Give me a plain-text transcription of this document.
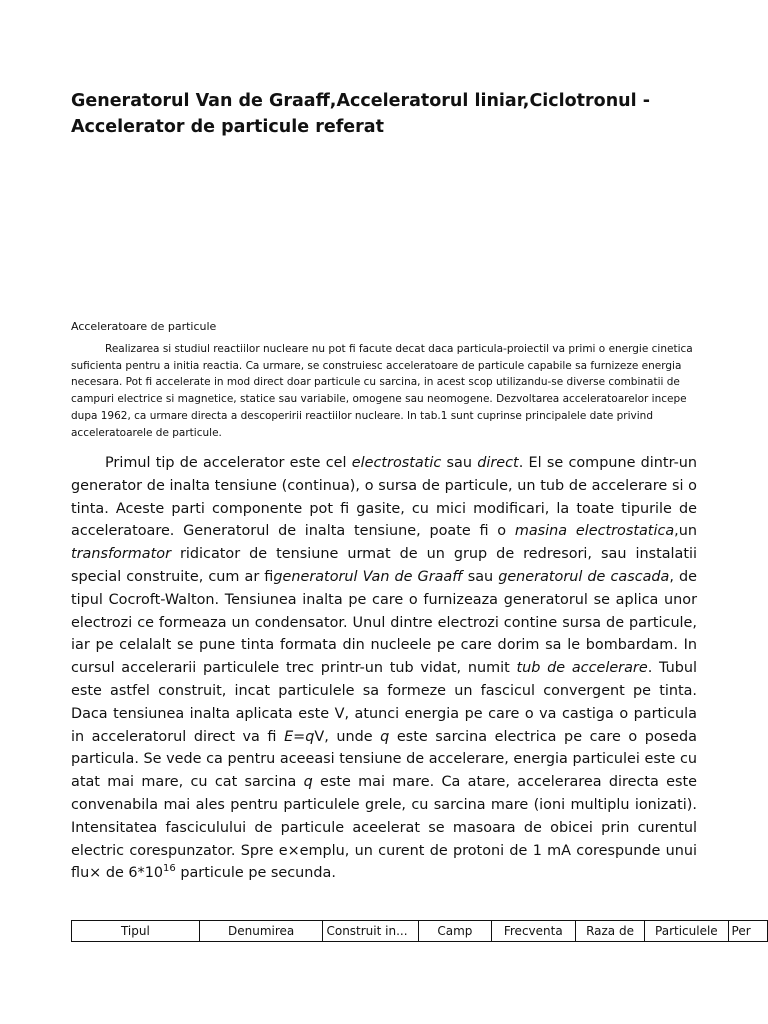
Generatorul Van de Graaff,Acceleratorul liniar,Ciclotronul - Accelerator de particule referat
Acceleratoare de particule

Realizarea si studiul reactiilor nucleare nu pot fi facute decat daca particula-proiectil va primi o energie cinetica suficienta pentru a initia reactia. Ca urmare, se construiesc acceleratoare de particule capabile sa furnizeze energia necesara. Pot fi accelerate in mod direct doar particule cu sarcina, in acest scop utilizandu-se diverse combinatii de campuri electrice si magnetice, statice sau variabile, omogene sau neomogene. Dezvoltarea acceleratoarelor incepe dupa 1962, ca urmare directa a descoperirii reactiilor nucleare. In tab.1 sunt cuprinse principalele date privind acceleratoarele de particule.

Primul tip de accelerator este cel electrostatic sau direct. El se compune dintr-un generator de inalta tensiune (continua), o sursa de particule, un tub de accelerare si o tinta. Aceste parti componente pot fi gasite, cu mici modificari, la toate tipurile de acceleratoare. Generatorul de inalta tensiune, poate fi o masina electrostatica,un transformator ridicator de tensiune urmat de un grup de redresori, sau instalatii special construite, cum ar figeneratorul Van de Graaff sau generatorul de cascada, de tipul Cocroft-Walton. Tensiunea inalta pe care o furnizeaza generatorul se aplica unor electrozi ce formeaza un condensator. Unul dintre electrozi contine sursa de particule, iar pe celalalt se pune tinta formata din nucleele pe care dorim sa le bombardam. In cursul accelerarii particulele trec printr-un tub vidat, numit tub de accelerare. Tubul este astfel construit, incat particulele sa formeze un fascicul convergent pe tinta. Daca tensiunea inalta aplicata este V, atunci energia pe care o va castiga o particula in acceleratorul direct va fi E=qV, unde q este sarcina electrica pe care o poseda particula. Se vede ca pentru aceeasi tensiune de accelerare, energia particulei este cu atat mai mare, cu cat sarcina q este mai mare. Ca atare, accelerarea directa este convenabila mai ales pentru particulele grele, cu sarcina mare (ioni multiplu ionizati). Intensitatea fasciculului de particule aceelerat se masoara de obicei prin curentul electric corespunzator. Spre e×emplu, un curent de protoni de 1 mA corespunde unui flu× de $6*10^{16}$ particule pe secunda.

Tipul	Denumirea	Construit in...	Camp	Frecventa	Raza de	Particulele	Per
